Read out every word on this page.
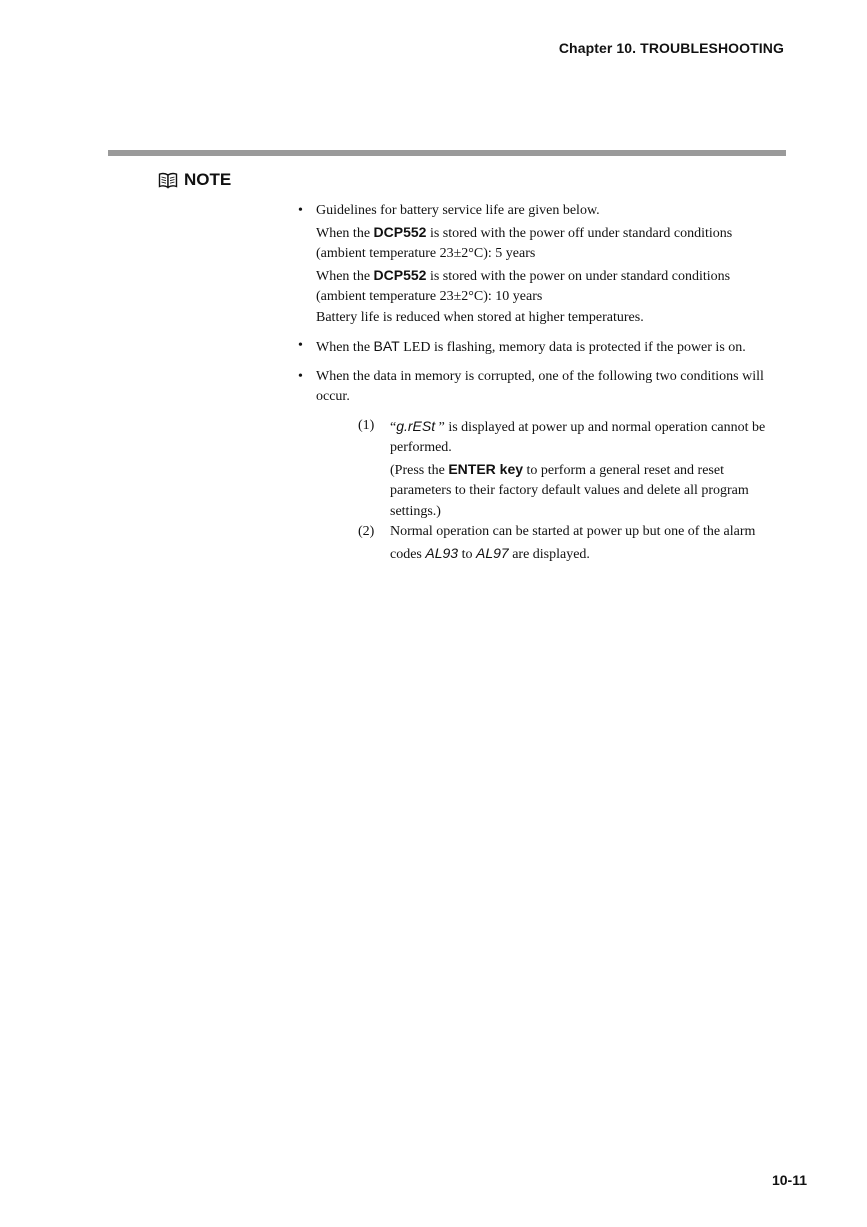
Chapter 10. TROUBLESHOOTING
NOTE
• Guidelines for battery service life are given below.
When the DCP552 is stored with the power off under standard conditions
(ambient temperature 23±2°C): 5 years
When the DCP552 is stored with the power on under standard conditions
(ambient temperature 23±2°C): 10 years
Battery life is reduced when stored at higher temperatures.
• When the BAT LED is flashing, memory data is protected if the power is on.
• When the data in memory is corrupted, one of the following two conditions will occur.
(1) “g.rESt ” is displayed at power up and normal operation cannot be performed.
(Press the ENTER key to perform a general reset and reset parameters to their factory default values and delete all program settings.)
(2) Normal operation can be started at power up but one of the alarm codes AL93 to AL97 are displayed.
10-11
